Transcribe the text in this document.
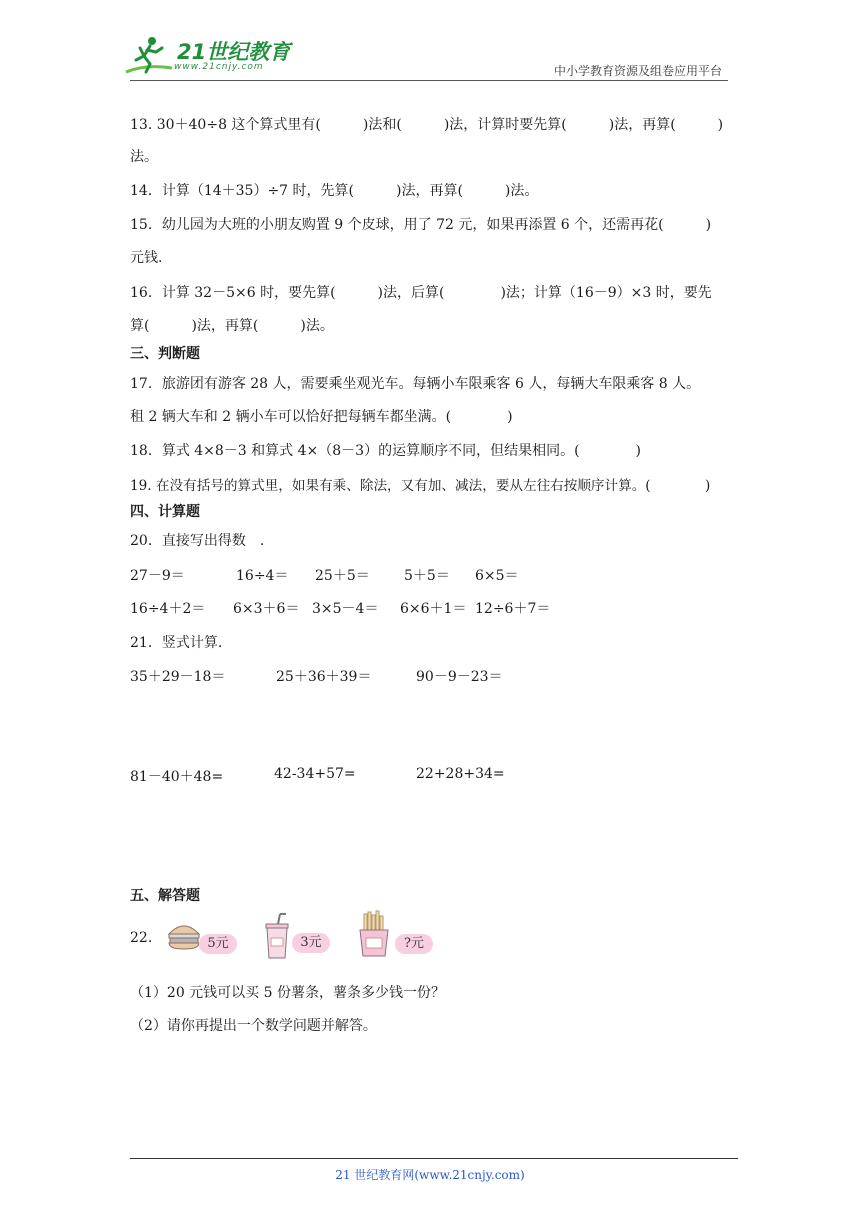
21世纪教育
www.21cnjy.com	中小学教育资源及组卷应用平台
13. 30＋40÷8 这个算式里有(　　　)法和(　　　)法，计算时要先算(　　　)法，再算(　　　)
法。
14．计算（14＋35）÷7 时，先算(　　　)法，再算(　　　)法。
15．幼儿园为大班的小朋友购置 9 个皮球，用了 72 元，如果再添置 6 个，还需再花(　　　)
元钱.
16．计算 32－5×6 时，要先算(　　　)法，后算(　　　　)法；计算（16－9）×3 时，要先
算(　　　)法，再算(　　　)法。
三、判断题
17．旅游团有游客 28 人，需要乘坐观光车。每辆小车限乘客 6 人，每辆大车限乘客 8 人。
租 2 辆大车和 2 辆小车可以恰好把每辆车都坐满。(　　　　)
18．算式 4×8－3 和算式 4×（8－3）的运算顺序不同，但结果相同。(　　　　)
19. 在没有括号的算式里，如果有乘、除法，又有加、减法，要从左往右按顺序计算。(　　　　)
四、计算题
20．直接写出得数　.
27－9＝	16÷4＝ 25＋5＝ 5＋5＝ 6×5＝
16÷4＋2＝ 6×3＋6＝ 3×5－4＝ 6×6＋1＝ 12÷6＋7＝
21．竖式计算.
35＋29－18＝	25＋36＋39＝	90－9－23＝
81－40＋48=	42-34+57=	22+28+34=
五、解答题
22.	5元	3元	?元
（1）20 元钱可以买 5 份薯条，薯条多少钱一份？
（2）请你再提出一个数学问题并解答。
21 世纪教育网(www.21cnjy.com)
